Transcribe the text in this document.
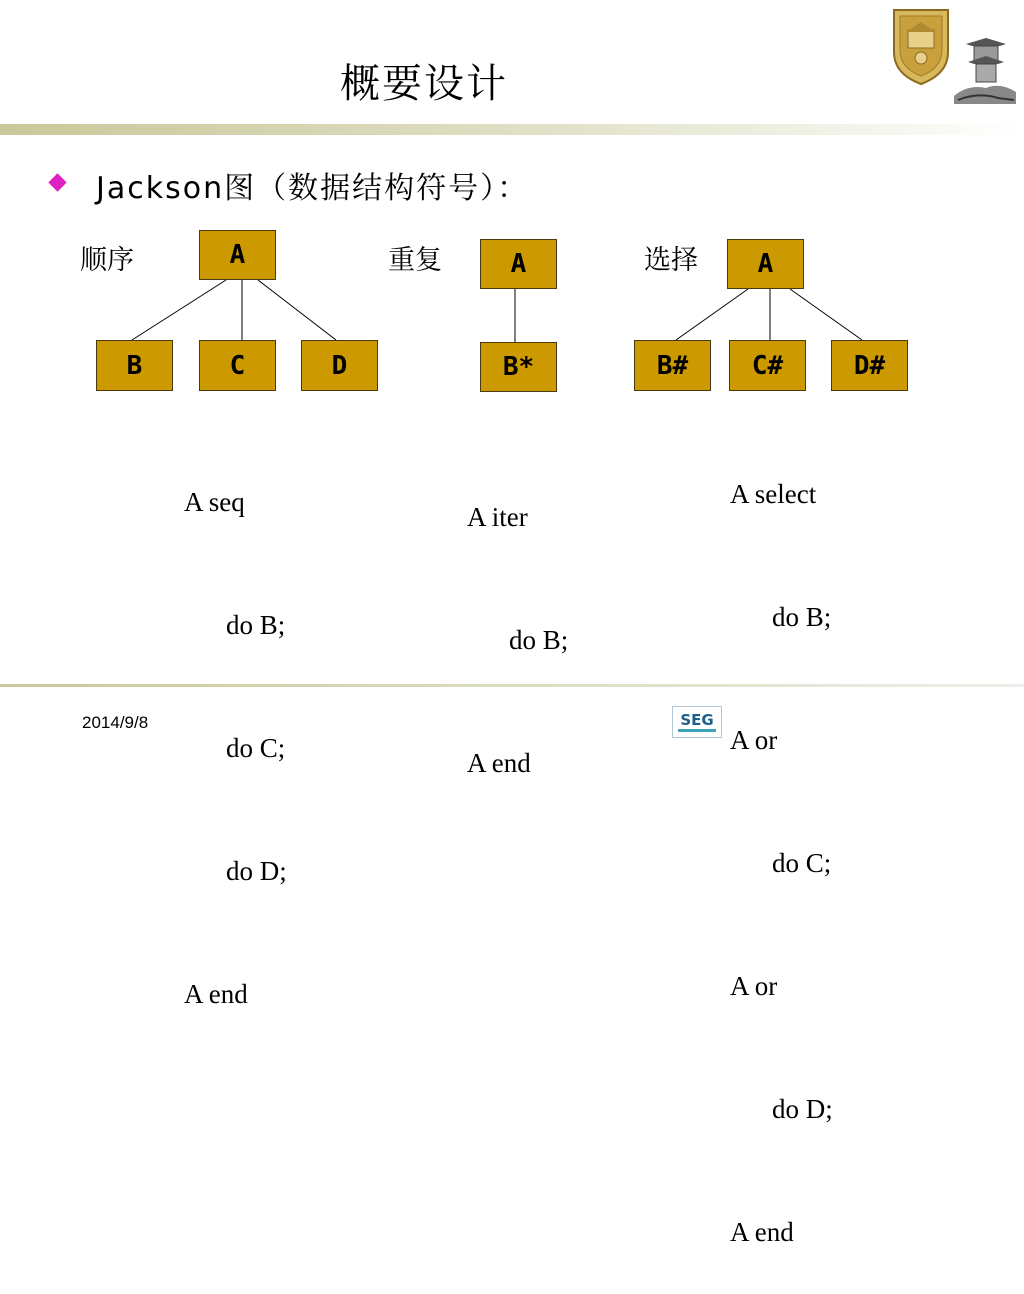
概要设计
Jackson图（数据结构符号）：
顺序	重复	选择
A
B	C	D
A
B*
A
B#	C#	D#

A seq

do B;

do C;

do D;

A end

A iter

do B;

A end

A select

do B;

A or

do C;

A or

do D;

A end

2014/9/8	SEG
